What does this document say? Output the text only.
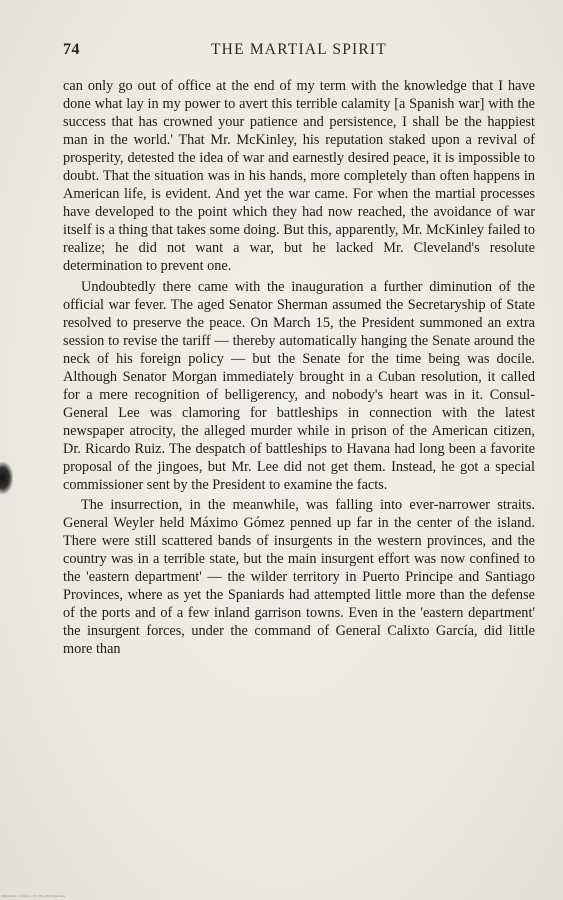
74	THE MARTIAL SPIRIT

can only go out of office at the end of my term with the knowledge that I have done what lay in my power to avert this terrible calamity [a Spanish war] with the success that has crowned your patience and persistence, I shall be the happiest man in the world.' That Mr. McKinley, his reputation staked upon a revival of prosperity, detested the idea of war and earnestly desired peace, it is impossible to doubt. That the situation was in his hands, more completely than often happens in American life, is evident. And yet the war came. For when the martial processes have developed to the point which they had now reached, the avoidance of war itself is a thing that takes some doing. But this, apparently, Mr. McKinley failed to realize; he did not want a war, but he lacked Mr. Cleveland's resolute determination to prevent one.

Undoubtedly there came with the inauguration a further diminution of the official war fever. The aged Senator Sherman assumed the Secretaryship of State resolved to preserve the peace. On March 15, the President summoned an extra session to revise the tariff — thereby automatically hanging the Senate around the neck of his foreign policy — but the Senate for the time being was docile. Although Senator Morgan immediately brought in a Cuban resolution, it called for a mere recognition of belligerency, and nobody's heart was in it. Consul-General Lee was clamoring for battleships in connection with the latest newspaper atrocity, the alleged murder while in prison of the American citizen, Dr. Ricardo Ruiz. The despatch of battleships to Havana had long been a favorite proposal of the jingoes, but Mr. Lee did not get them. Instead, he got a special commissioner sent by the President to examine the facts.

The insurrection, in the meanwhile, was falling into ever-narrower straits. General Weyler held Máximo Gómez penned up far in the center of the island. There were still scattered bands of insurgents in the western provinces, and the country was in a terrible state, but the main insurgent effort was now confined to the 'eastern department' — the wilder territory in Puerto Principe and Santiago Provinces, where as yet the Spaniards had attempted little more than the defense of the ports and of a few inland garrison towns. Even in the 'eastern department' the insurgent forces, under the command of General Calixto García, did little more than

National Library of the Philippines
